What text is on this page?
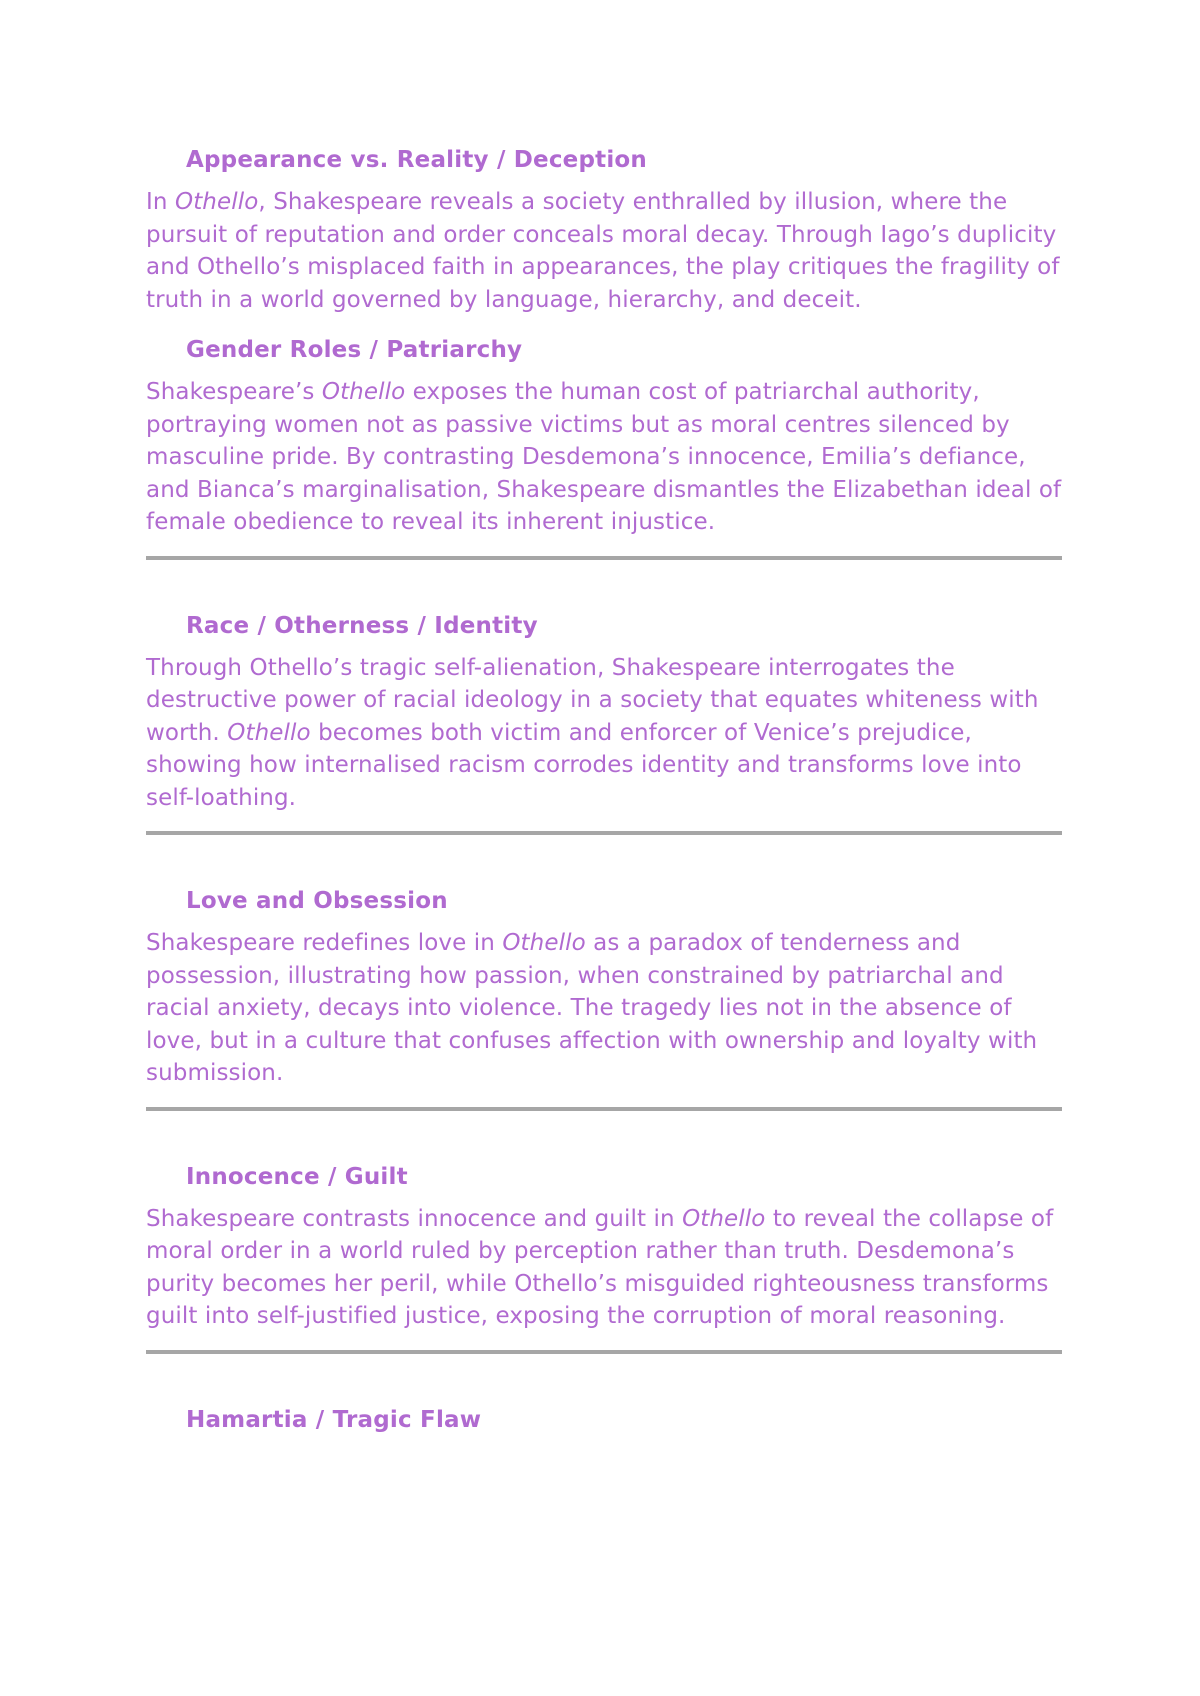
Appearance vs. Reality / Deception

In Othello, Shakespeare reveals a society enthralled by illusion, where the pursuit of reputation and order conceals moral decay. Through Iago’s duplicity and Othello’s misplaced faith in appearances, the play critiques the fragility of truth in a world governed by language, hierarchy, and deceit.

Gender Roles / Patriarchy

Shakespeare’s Othello exposes the human cost of patriarchal authority, portraying women not as passive victims but as moral centres silenced by masculine pride. By contrasting Desdemona’s innocence, Emilia’s defiance, and Bianca’s marginalisation, Shakespeare dismantles the Elizabethan ideal of female obedience to reveal its inherent injustice.

Race / Otherness / Identity

Through Othello’s tragic self-alienation, Shakespeare interrogates the destructive power of racial ideology in a society that equates whiteness with worth. Othello becomes both victim and enforcer of Venice’s prejudice, showing how internalised racism corrodes identity and transforms love into self-loathing.

Love and Obsession

Shakespeare redefines love in Othello as a paradox of tenderness and possession, illustrating how passion, when constrained by patriarchal and racial anxiety, decays into violence. The tragedy lies not in the absence of love, but in a culture that confuses affection with ownership and loyalty with submission.

Innocence / Guilt

Shakespeare contrasts innocence and guilt in Othello to reveal the collapse of moral order in a world ruled by perception rather than truth. Desdemona’s purity becomes her peril, while Othello’s misguided righteousness transforms guilt into self-justified justice, exposing the corruption of moral reasoning.

Hamartia / Tragic Flaw
